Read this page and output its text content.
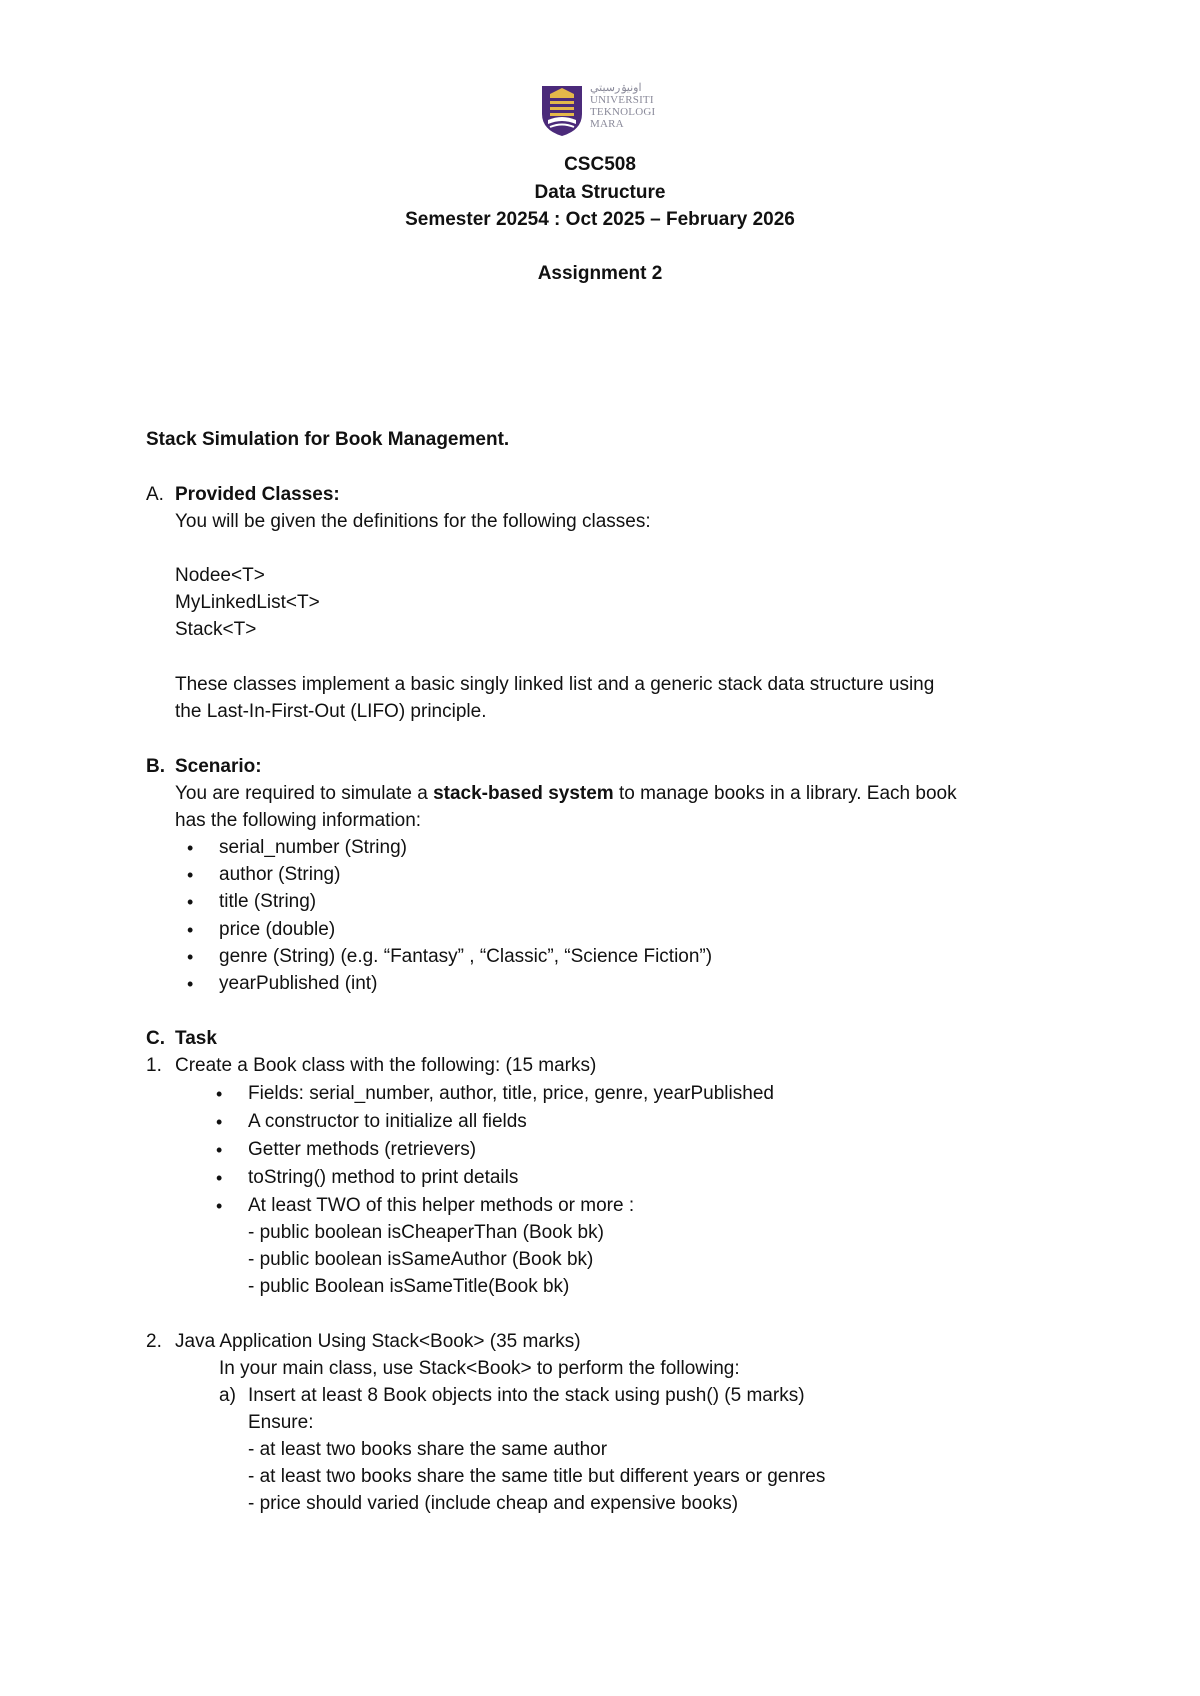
اونيۏرسيتي
UNIVERSITI
TEKNOLOGI
MARA
CSC508
Data Structure
Semester 20254 : Oct 2025 – February 2026
Assignment 2
Stack Simulation for Book Management.
A. Provided Classes:
You will be given the definitions for the following classes:
Nodee<T>
MyLinkedList<T>
Stack<T>
These classes implement a basic singly linked list and a generic stack data structure using
the Last-In-First-Out (LIFO) principle.
B. Scenario:
You are required to simulate a stack-based system to manage books in a library. Each book
has the following information:
• serial_number (String)
• author (String)
• title (String)
• price (double)
• genre (String) (e.g. “Fantasy” , “Classic”, “Science Fiction”)
• yearPublished (int)
C. Task
1. Create a Book class with the following: (15 marks)
• Fields: serial_number, author, title, price, genre, yearPublished
• A constructor to initialize all fields
• Getter methods (retrievers)
• toString() method to print details
• At least TWO of this helper methods or more :
- public boolean isCheaperThan (Book bk)
- public boolean isSameAuthor (Book bk)
- public Boolean isSameTitle(Book bk)
2. Java Application Using Stack<Book> (35 marks)
In your main class, use Stack<Book> to perform the following:
a) Insert at least 8 Book objects into the stack using push() (5 marks)
Ensure:
- at least two books share the same author
- at least two books share the same title but different years or genres
- price should varied (include cheap and expensive books)
